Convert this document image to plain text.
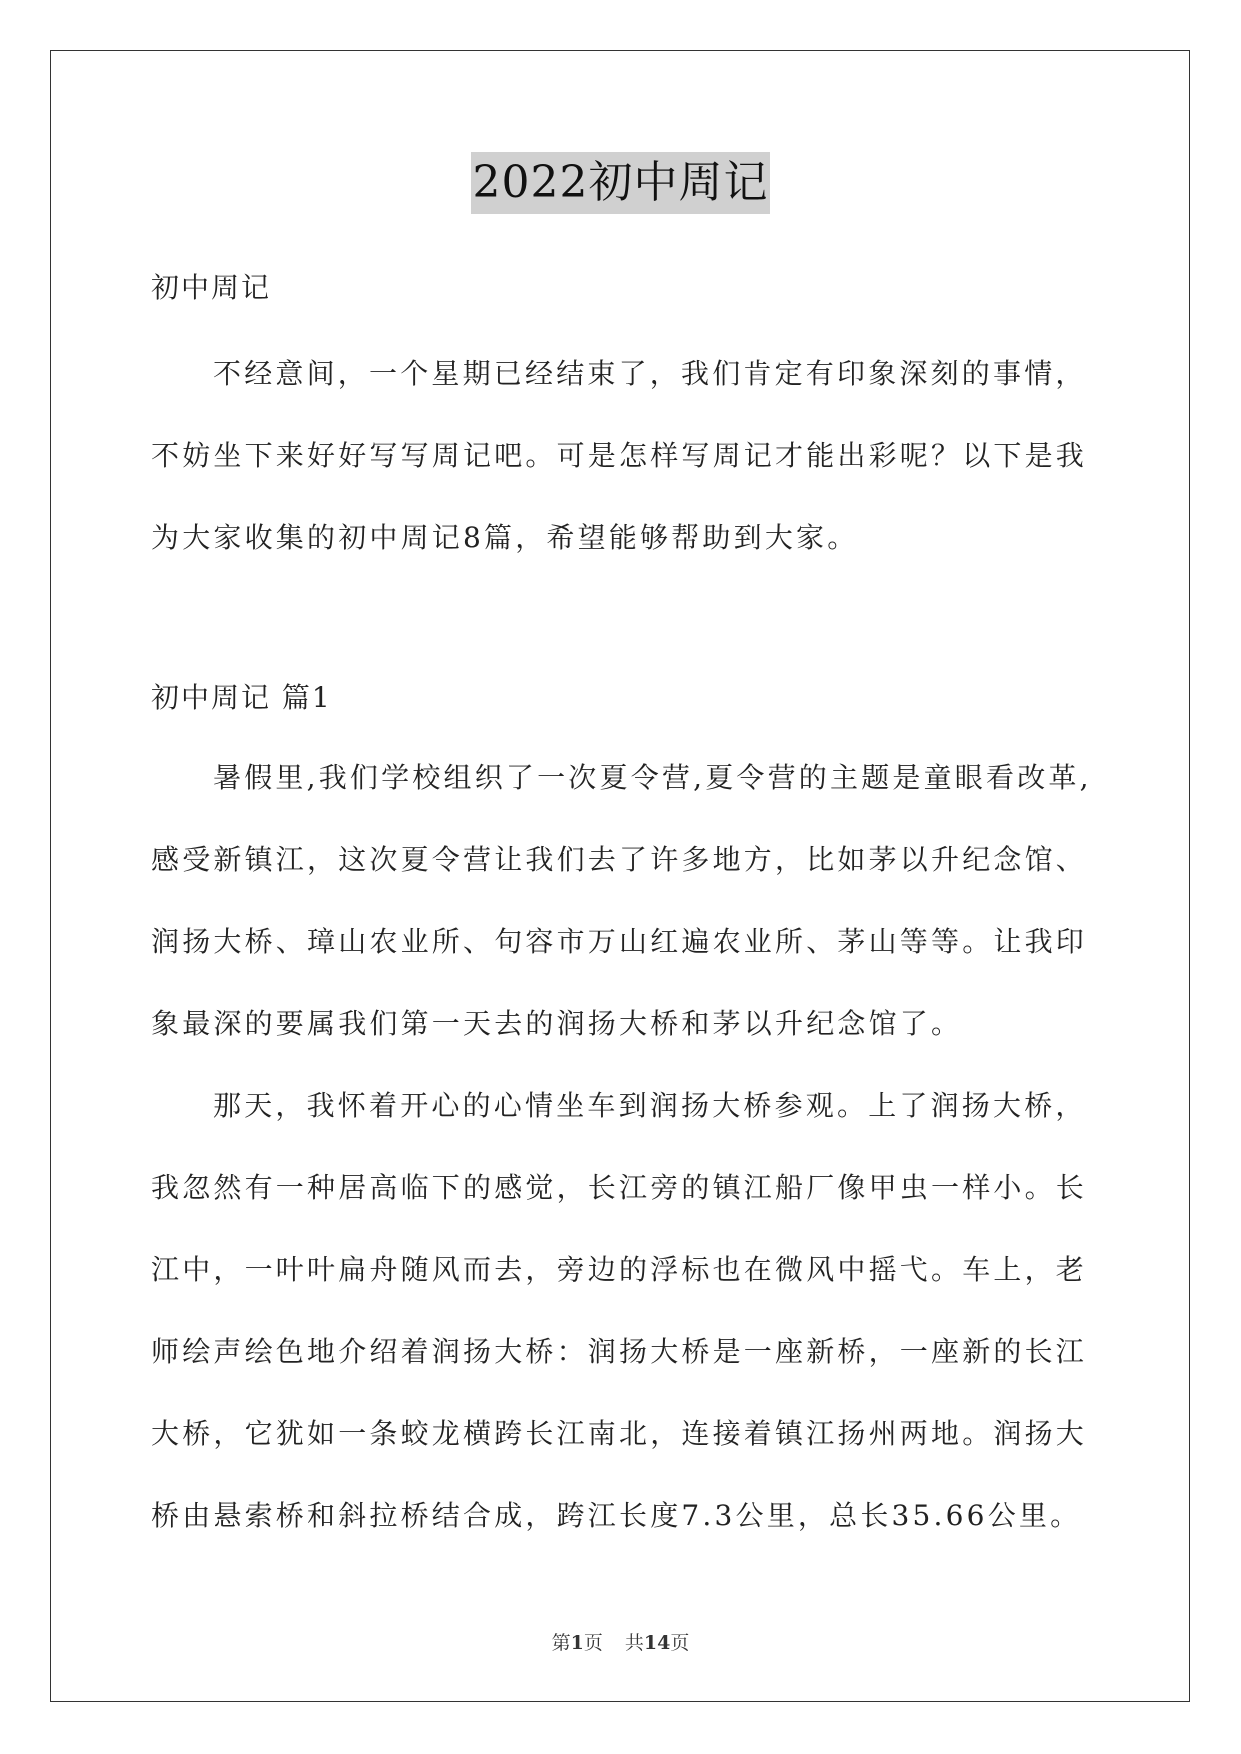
2022初中周记
初中周记

不经意间，一个星期已经结束了，我们肯定有印象深刻的事情，不妨坐下来好好写写周记吧。可是怎样写周记才能出彩呢？以下是我为大家收集的初中周记8篇，希望能够帮助到大家。

初中周记 篇1

暑假里,我们学校组织了一次夏令营,夏令营的主题是童眼看改革,感受新镇江，这次夏令营让我们去了许多地方，比如茅以升纪念馆、润扬大桥、璋山农业所、句容市万山红遍农业所、茅山等等。让我印象最深的要属我们第一天去的润扬大桥和茅以升纪念馆了。

那天，我怀着开心的心情坐车到润扬大桥参观。上了润扬大桥，我忽然有一种居高临下的感觉，长江旁的镇江船厂像甲虫一样小。长江中，一叶叶扁舟随风而去，旁边的浮标也在微风中摇弋。车上，老师绘声绘色地介绍着润扬大桥：润扬大桥是一座新桥，一座新的长江大桥，它犹如一条蛟龙横跨长江南北，连接着镇江扬州两地。润扬大桥由悬索桥和斜拉桥结合成，跨江长度7.3公里，总长35.66公里。

第1页 共14页
